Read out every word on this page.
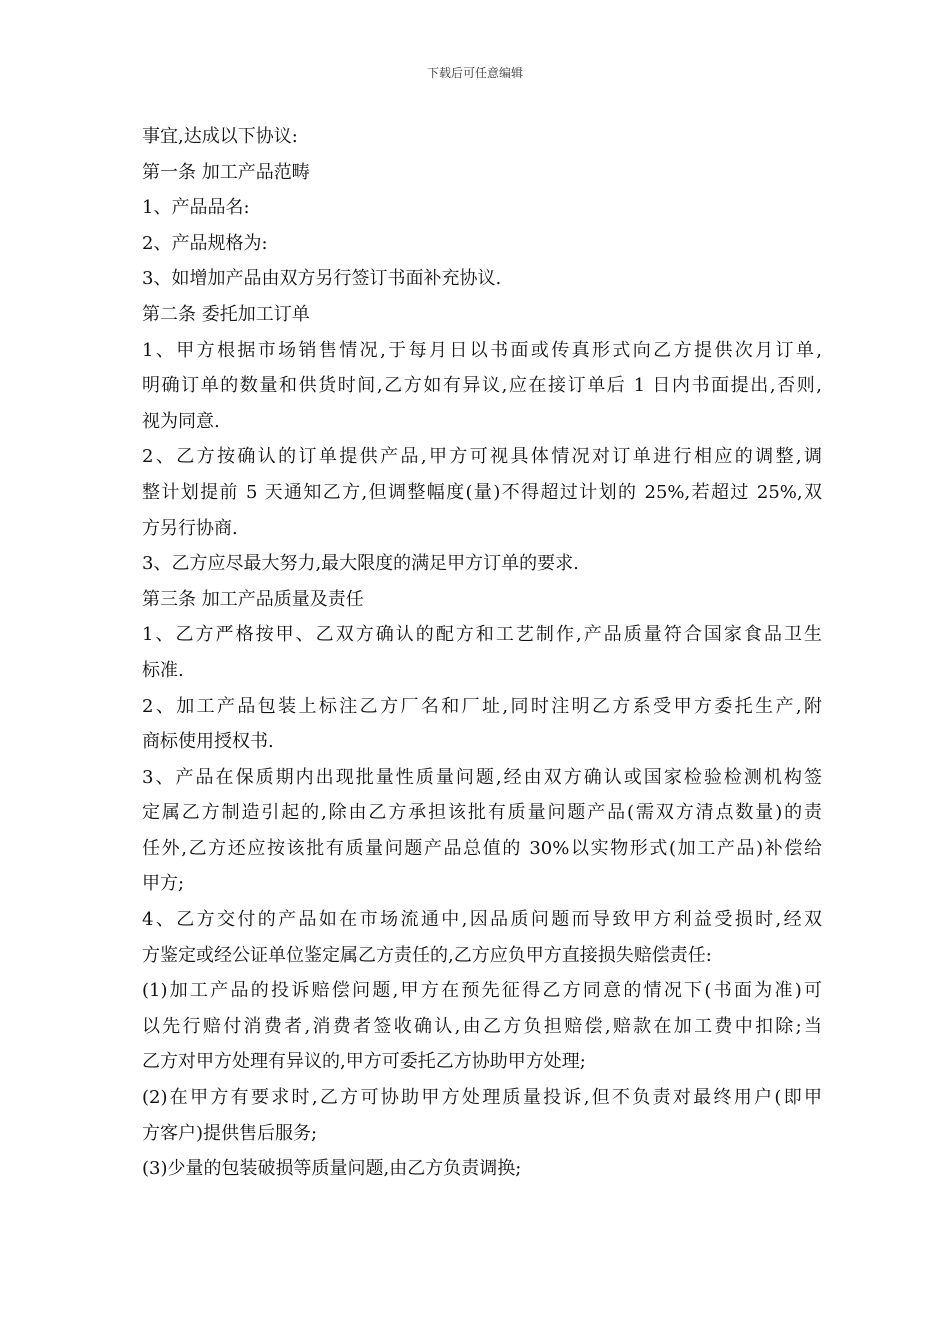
下载后可任意编辑
事宜,达成以下协议:
第一条 加工产品范畴
1、产品品名:
2、产品规格为:
3、如增加产品由双方另行签订书面补充协议.
第二条 委托加工订单
1、甲方根据市场销售情况,于每月日以书面或传真形式向乙方提供次月订单,
明确订单的数量和供货时间,乙方如有异议,应在接订单后 1 日内书面提出,否则,
视为同意.
2、乙方按确认的订单提供产品,甲方可视具体情况对订单进行相应的调整,调
整计划提前 5 天通知乙方,但调整幅度(量)不得超过计划的 25%,若超过 25%,双
方另行协商.
3、乙方应尽最大努力,最大限度的满足甲方订单的要求.
第三条 加工产品质量及责任
1、乙方严格按甲、乙双方确认的配方和工艺制作,产品质量符合国家食品卫生
标准.
2、加工产品包装上标注乙方厂名和厂址,同时注明乙方系受甲方委托生产,附
商标使用授权书.
3、产品在保质期内出现批量性质量问题,经由双方确认或国家检验检测机构签
定属乙方制造引起的,除由乙方承担该批有质量问题产品(需双方清点数量)的责
任外,乙方还应按该批有质量问题产品总值的 30%以实物形式(加工产品)补偿给
甲方;
4、乙方交付的产品如在市场流通中,因品质问题而导致甲方利益受损时,经双
方鉴定或经公证单位鉴定属乙方责任的,乙方应负甲方直接损失赔偿责任:
(1)加工产品的投诉赔偿问题,甲方在预先征得乙方同意的情况下(书面为准)可
以先行赔付消费者,消费者签收确认,由乙方负担赔偿,赔款在加工费中扣除;当
乙方对甲方处理有异议的,甲方可委托乙方协助甲方处理;
(2)在甲方有要求时,乙方可协助甲方处理质量投诉,但不负责对最终用户(即甲
方客户)提供售后服务;
(3)少量的包装破损等质量问题,由乙方负责调换;
